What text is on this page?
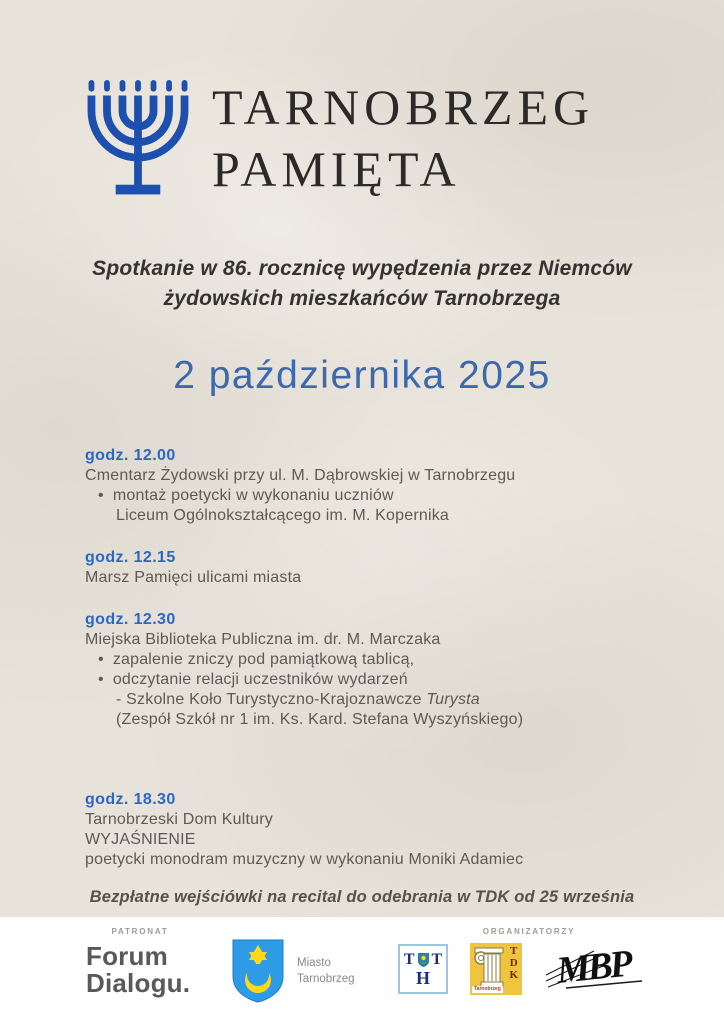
TARNOBRZEG
PAMIĘTA
Spotkanie w 86. rocznicę wypędzenia przez Niemców
żydowskich mieszkańców Tarnobrzega
2 października 2025
godz. 12.00
Cmentarz Żydowski przy ul. M. Dąbrowskiej w Tarnobrzegu
• montaż poetycki w wykonaniu uczniów
Liceum Ogólnokształcącego im. M. Kopernika
godz. 12.15
Marsz Pamięci ulicami miasta
godz. 12.30
Miejska Biblioteka Publiczna im. dr. M. Marczaka
• zapalenie zniczy pod pamiątkową tablicą,
• odczytanie relacji uczestników wydarzeń
- Szkolne Koło Turystyczno-Krajoznawcze Turysta
(Zespół Szkół nr 1 im. Ks. Kard. Stefana Wyszyńskiego)
godz. 18.30
Tarnobrzeski Dom Kultury
WYJAŚNIENIE
poetycki monodram muzyczny w wykonaniu Moniki Adamiec
Bezpłatne wejściówki na recital do odebrania w TDK od 25 września
PATRONAT
Forum
Dialogu.
Miasto
Tarnobrzeg
ORGANIZATORZY
T T
H
T
D
K
Tarnobrzeg MBP
